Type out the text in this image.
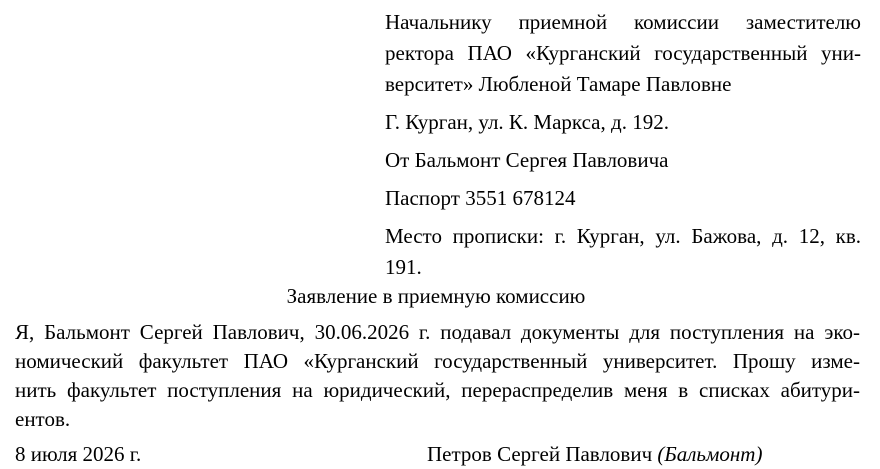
Начальнику приемной комиссии заместителю
ректора ПАО «Курганский государственный уни-
верситет» Любленой Тамаре Павловне
Г. Курган, ул. К. Маркса, д. 192.
От Бальмонт Сергея Павловича
Паспорт 3551 678124
Место прописки: г. Курган, ул. Бажова, д. 12, кв.
191.
Заявление в приемную комиссию
Я, Бальмонт Сергей Павлович, 30.06.2026 г. подавал документы для поступления на эко-
номический факультет ПАО «Курганский государственный университет. Прошу изме-
нить факультет поступления на юридический, перераспределив меня в списках абитури-
ентов.
8 июля 2026 г.	Петров Сергей Павлович (Бальмонт)
